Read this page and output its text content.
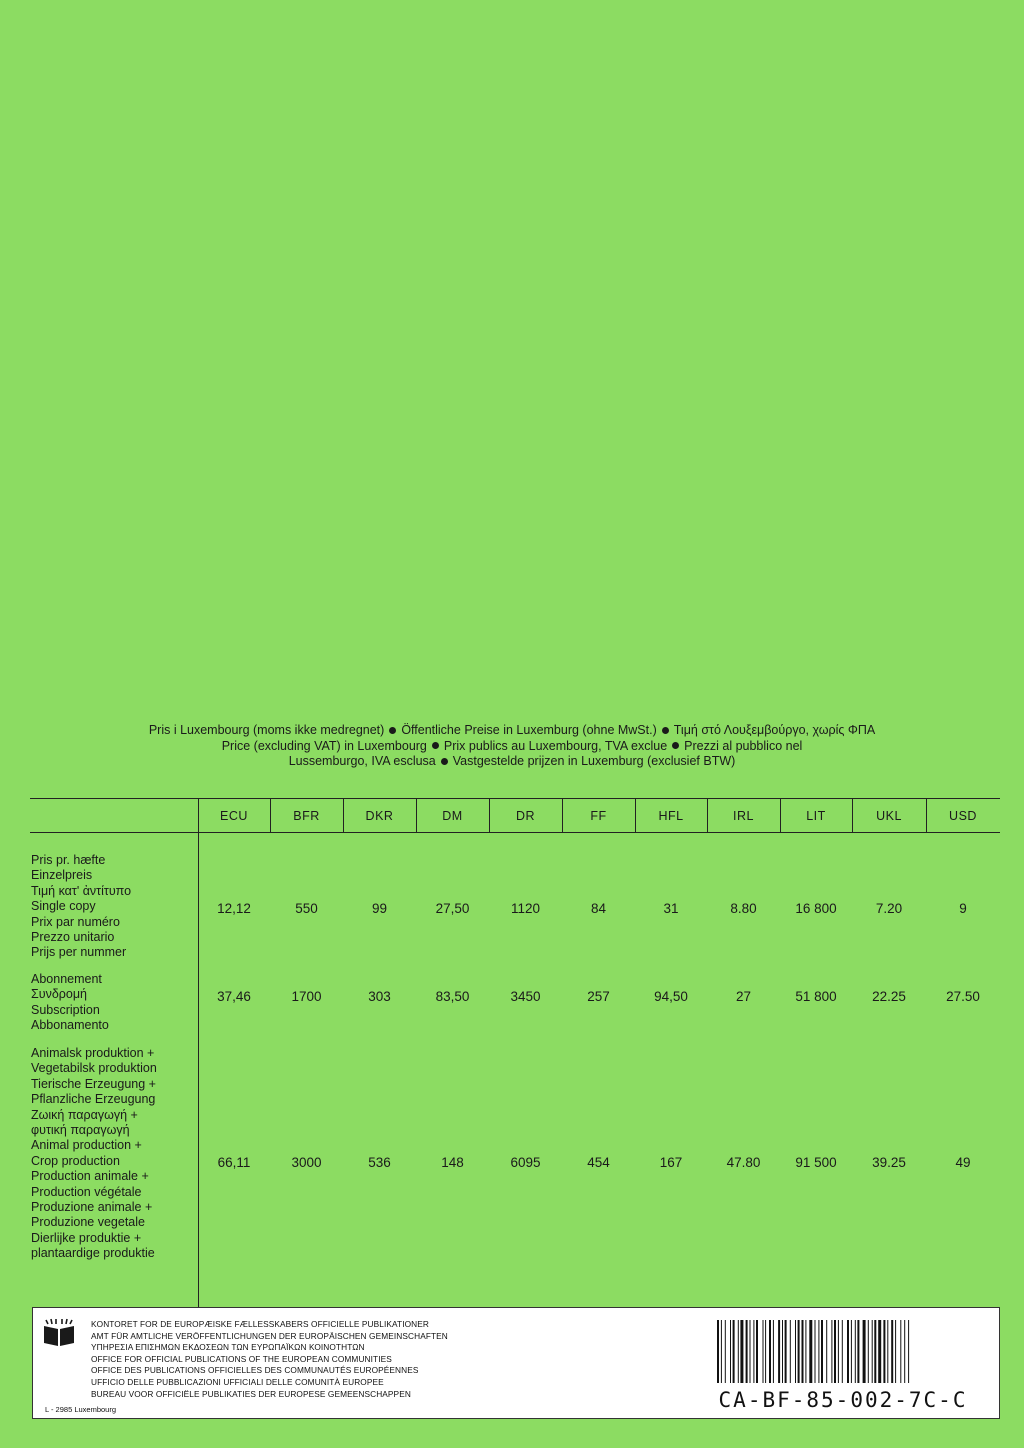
Pris i Luxembourg (moms ikke medregnet) Öffentliche Preise in Luxemburg (ohne MwSt.) Τιμή στό Λουξεμβούργο, χωρίς ΦΠΑ
Price (excluding VAT) in Luxembourg Prix publics au Luxembourg, TVA exclue Prezzi al pubblico nel
Lussemburgo, IVA esclusa Vastgestelde prijzen in Luxemburg (exclusief BTW)
ECU	BFR	DKR	DM	DR	FF	HFL	IRL	LIT	UKL	USD
Pris pr. hæfte
Einzelpreis
Τιμή κατ' ἀντίτυπο
Single copy
Prix par numéro
Prezzo unitario
Prijs per nummer
12,12	550	99	27,50	1120	84	31	8.80	16 800	7.20	9
Abonnement
Συνδρομή
Subscription
Abbonamento
37,46	1700	303	83,50	3450	257	94,50	27	51 800	22.25	27.50
Animalsk produktion +
Vegetabilsk produktion
Tierische Erzeugung +
Pflanzliche Erzeugung
Ζωική παραγωγή +
φυτική παραγωγή
Animal production +
Crop production
Production animale +
Production végétale
Produzione animale +
Produzione vegetale
Dierlijke produktie +
plantaardige produktie
66,11	3000	536	148	6095	454	167	47.80	91 500	39.25	49
KONTORET FOR DE EUROPÆISKE FÆLLESSKABERS OFFICIELLE PUBLIKATIONER
AMT FÜR AMTLICHE VERÖFFENTLICHUNGEN DER EUROPÄISCHEN GEMEINSCHAFTEN
ΥΠΗΡΕΣΙΑ ΕΠΙΣΗΜΩΝ ΕΚΔΟΣΕΩΝ ΤΩΝ ΕΥΡΩΠΑΪΚΩΝ ΚΟΙΝΟΤΗΤΩΝ
OFFICE FOR OFFICIAL PUBLICATIONS OF THE EUROPEAN COMMUNITIES
OFFICE DES PUBLICATIONS OFFICIELLES DES COMMUNAUTÉS EUROPÉENNES
UFFICIO DELLE PUBBLICAZIONI UFFICIALI DELLE COMUNITÀ EUROPEE
BUREAU VOOR OFFICIËLE PUBLIKATIES DER EUROPESE GEMEENSCHAPPEN
L - 2985 Luxembourg	CA-BF-85-002-7C-C
